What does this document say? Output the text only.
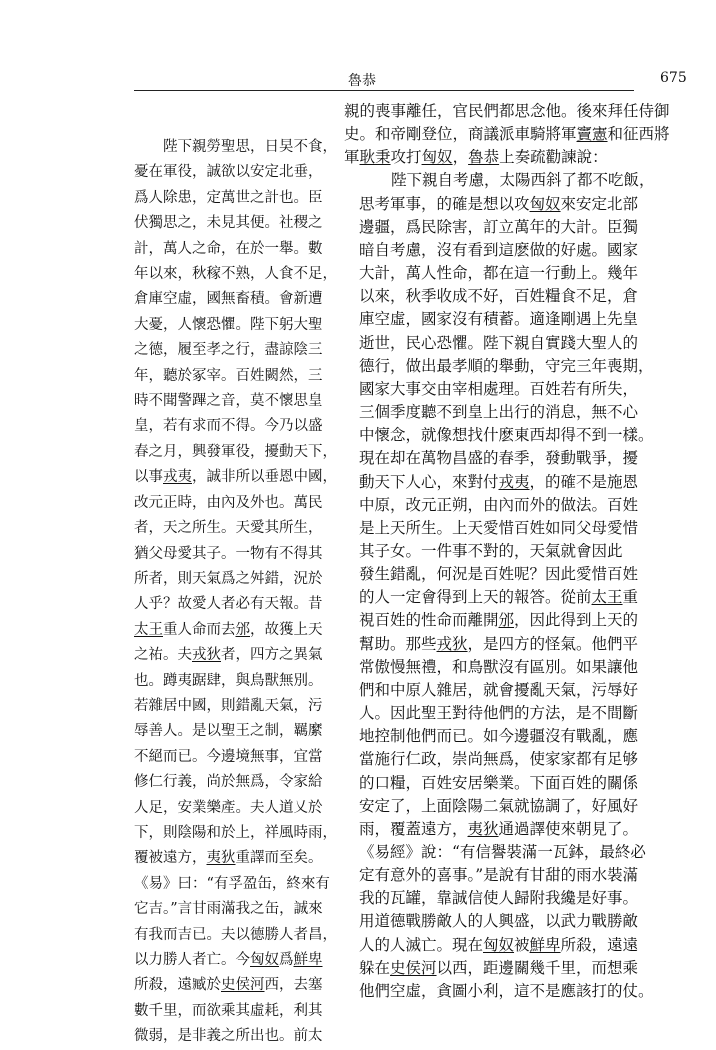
魯恭	675

陛下親勞聖思，日旲不食，

憂在軍役，誠欲以安定北垂，

爲人除患，定萬世之計也。臣

伏獨思之，未見其便。社稷之

計，萬人之命，在於一舉。數

年以來，秋稼不熟，人食不足，

倉庫空虛，國無畜積。會新遭

大憂，人懷恐懼。陛下躬大聖

之德，履至孝之行，盡諒陰三

年，聽於冢宰。百姓闕然，三

時不聞警蹕之音，莫不懷思皇

皇，若有求而不得。今乃以盛

春之月，興發軍役，擾動天下，

以事戎夷，誠非所以垂恩中國，

改元正時，由內及外也。萬民

者，天之所生。天愛其所生，

猶父母愛其子。一物有不得其

所者，則天氣爲之舛錯，況於

人乎？故愛人者必有天報。昔

太王重人命而去邠，故獲上天

之祐。夫戎狄者，四方之異氣

也。蹲夷踞肆，與鳥獸無別。

若雜居中國，則錯亂天氣，污

辱善人。是以聖王之制，羈縻

不絕而已。今邊境無事，宜當

修仁行義，尚於無爲，令家給

人足，安業樂產。夫人道乂於

下，則陰陽和於上，祥風時雨，

覆被遠方，夷狄重譯而至矣。

《易》曰：“有孚盈缶，終來有

它吉。”言甘雨滿我之缶，誠來

有我而吉已。夫以德勝人者昌，

以力勝人者亡。今匈奴爲鮮卑

所殺，遠臧於史侯河西，去塞

數千里，而欲乘其虛耗，利其

微弱，是非義之所出也。前太

親的喪事離任，官民們都思念他。後來拜任侍御

史。和帝剛登位，商議派車騎將軍竇憲和征西將

軍耿秉攻打匈奴，魯恭上奏疏勸諫說：

陛下親自考慮，太陽西斜了都不吃飯，

思考軍事，的確是想以攻匈奴來安定北部

邊疆，爲民除害，訂立萬年的大計。臣獨

暗自考慮，沒有看到這麽做的好處。國家

大計，萬人性命，都在這一行動上。幾年

以來，秋季收成不好，百姓糧食不足，倉

庫空虛，國家沒有積蓄。適逢剛遇上先皇

逝世，民心恐懼。陛下親自實踐大聖人的

德行，做出最孝順的舉動，守完三年喪期，

國家大事交由宰相處理。百姓若有所失，

三個季度聽不到皇上出行的消息，無不心

中懷念，就像想找什麽東西却得不到一樣。

現在却在萬物昌盛的春季，發動戰爭，擾

動天下人心，來對付戎夷，的確不是施恩

中原，改元正朔，由內而外的做法。百姓

是上天所生。上天愛惜百姓如同父母愛惜

其子女。一件事不對的，天氣就會因此

發生錯亂，何況是百姓呢？因此愛惜百姓

的人一定會得到上天的報答。從前太王重

視百姓的性命而離開邠，因此得到上天的

幫助。那些戎狄，是四方的怪氣。他們平

常傲慢無禮，和鳥獸沒有區別。如果讓他

們和中原人雜居，就會擾亂天氣，污辱好

人。因此聖王對待他們的方法，是不間斷

地控制他們而已。如今邊疆沒有戰亂，應

當施行仁政，崇尚無爲，使家家都有足够

的口糧，百姓安居樂業。下面百姓的關係

安定了，上面陰陽二氣就協調了，好風好

雨，覆蓋遠方，夷狄通過譯使來朝見了。

《易經》說：“有信譽裝滿一瓦鉢，最終必

定有意外的喜事。”是說有甘甜的雨水裝滿

我的瓦罐，靠誠信使人歸附我纔是好事。

用道德戰勝敵人的人興盛，以武力戰勝敵

人的人滅亡。現在匈奴被鮮卑所殺，遠遠

躲在史侯河以西，距邊關幾千里，而想乘

他們空虛，貪圖小利，這不是應該打的仗。
